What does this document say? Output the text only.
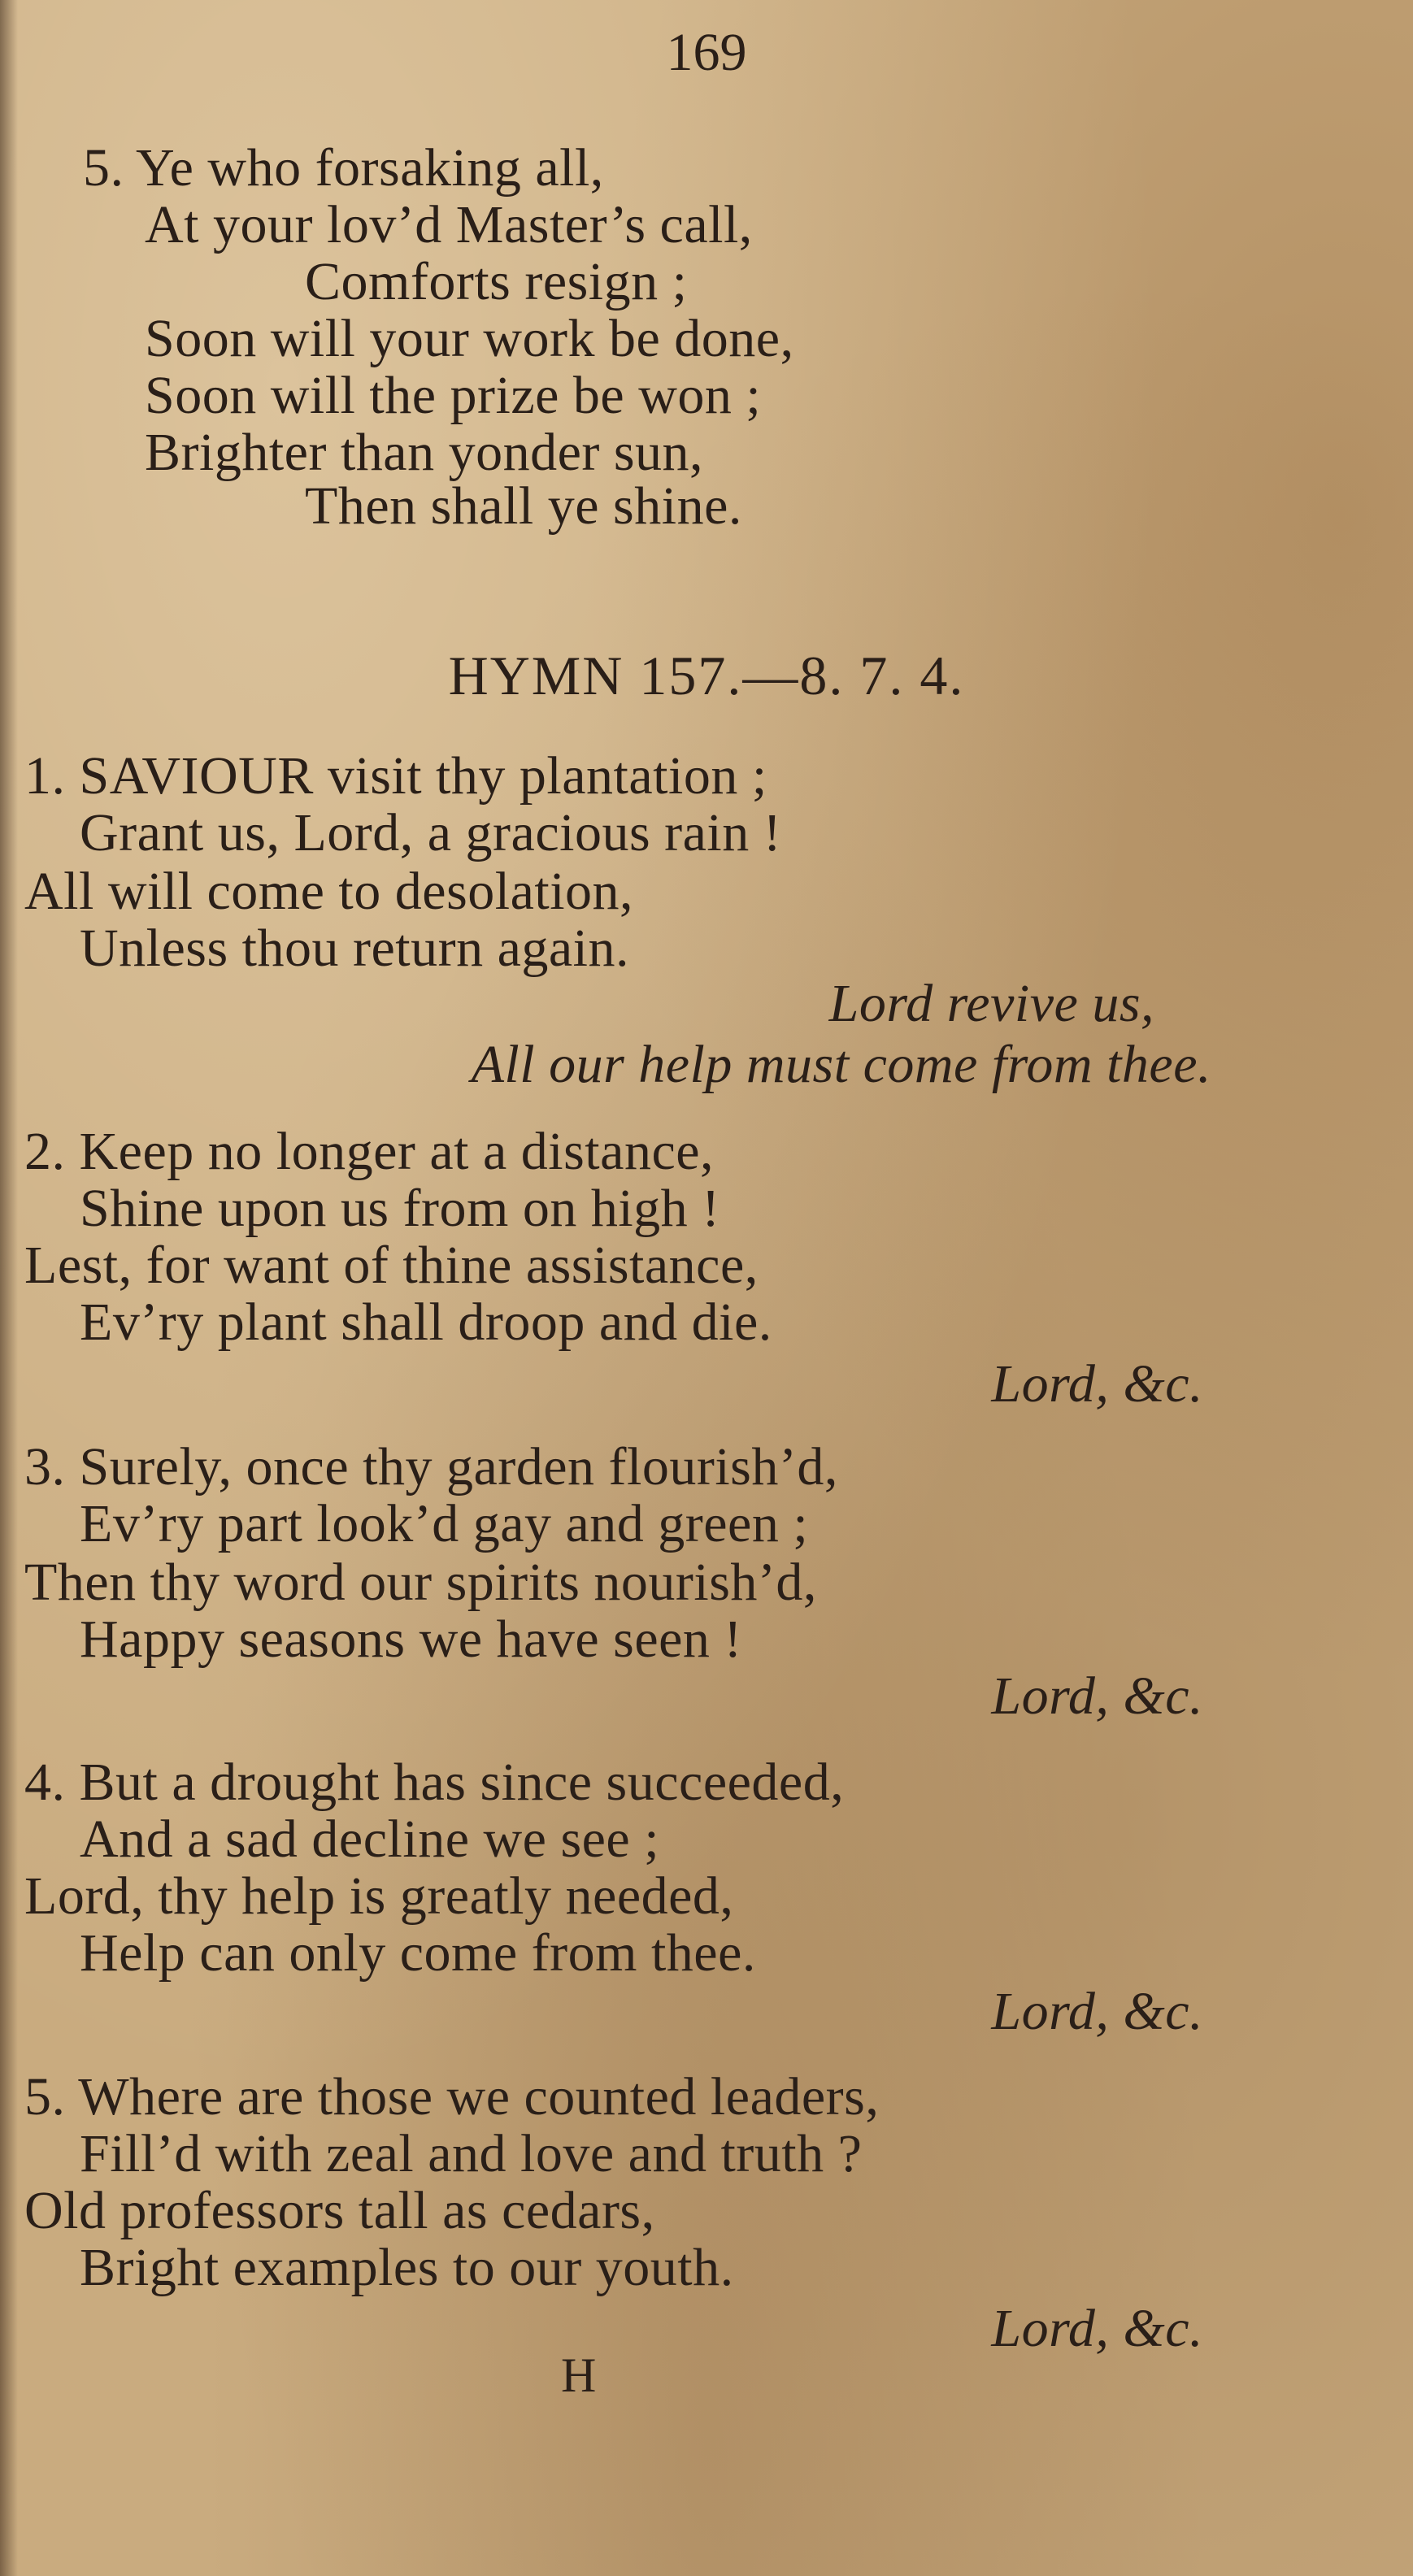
169
5. Ye who forsaking all,
At your lov’d Master’s call,
Comforts resign ;
Soon will your work be done,
Soon will the prize be won ;
Brighter than yonder sun,
Then shall ye shine.
HYMN 157.—8. 7. 4.
1. SAVIOUR visit thy plantation ;
Grant us, Lord, a gracious rain !
All will come to desolation,
Unless thou return again.
Lord revive us,
All our help must come from thee.
2. Keep no longer at a distance,
Shine upon us from on high !
Lest, for want of thine assistance,
Ev’ry plant shall droop and die.
Lord, &c.
3. Surely, once thy garden flourish’d,
Ev’ry part look’d gay and green ;
Then thy word our spirits nourish’d,
Happy seasons we have seen !
Lord, &c.
4. But a drought has since succeeded,
And a sad decline we see ;
Lord, thy help is greatly needed,
Help can only come from thee.
Lord, &c.
5. Where are those we counted leaders,
Fill’d with zeal and love and truth ?
Old professors tall as cedars,
Bright examples to our youth.
Lord, &c.
H
